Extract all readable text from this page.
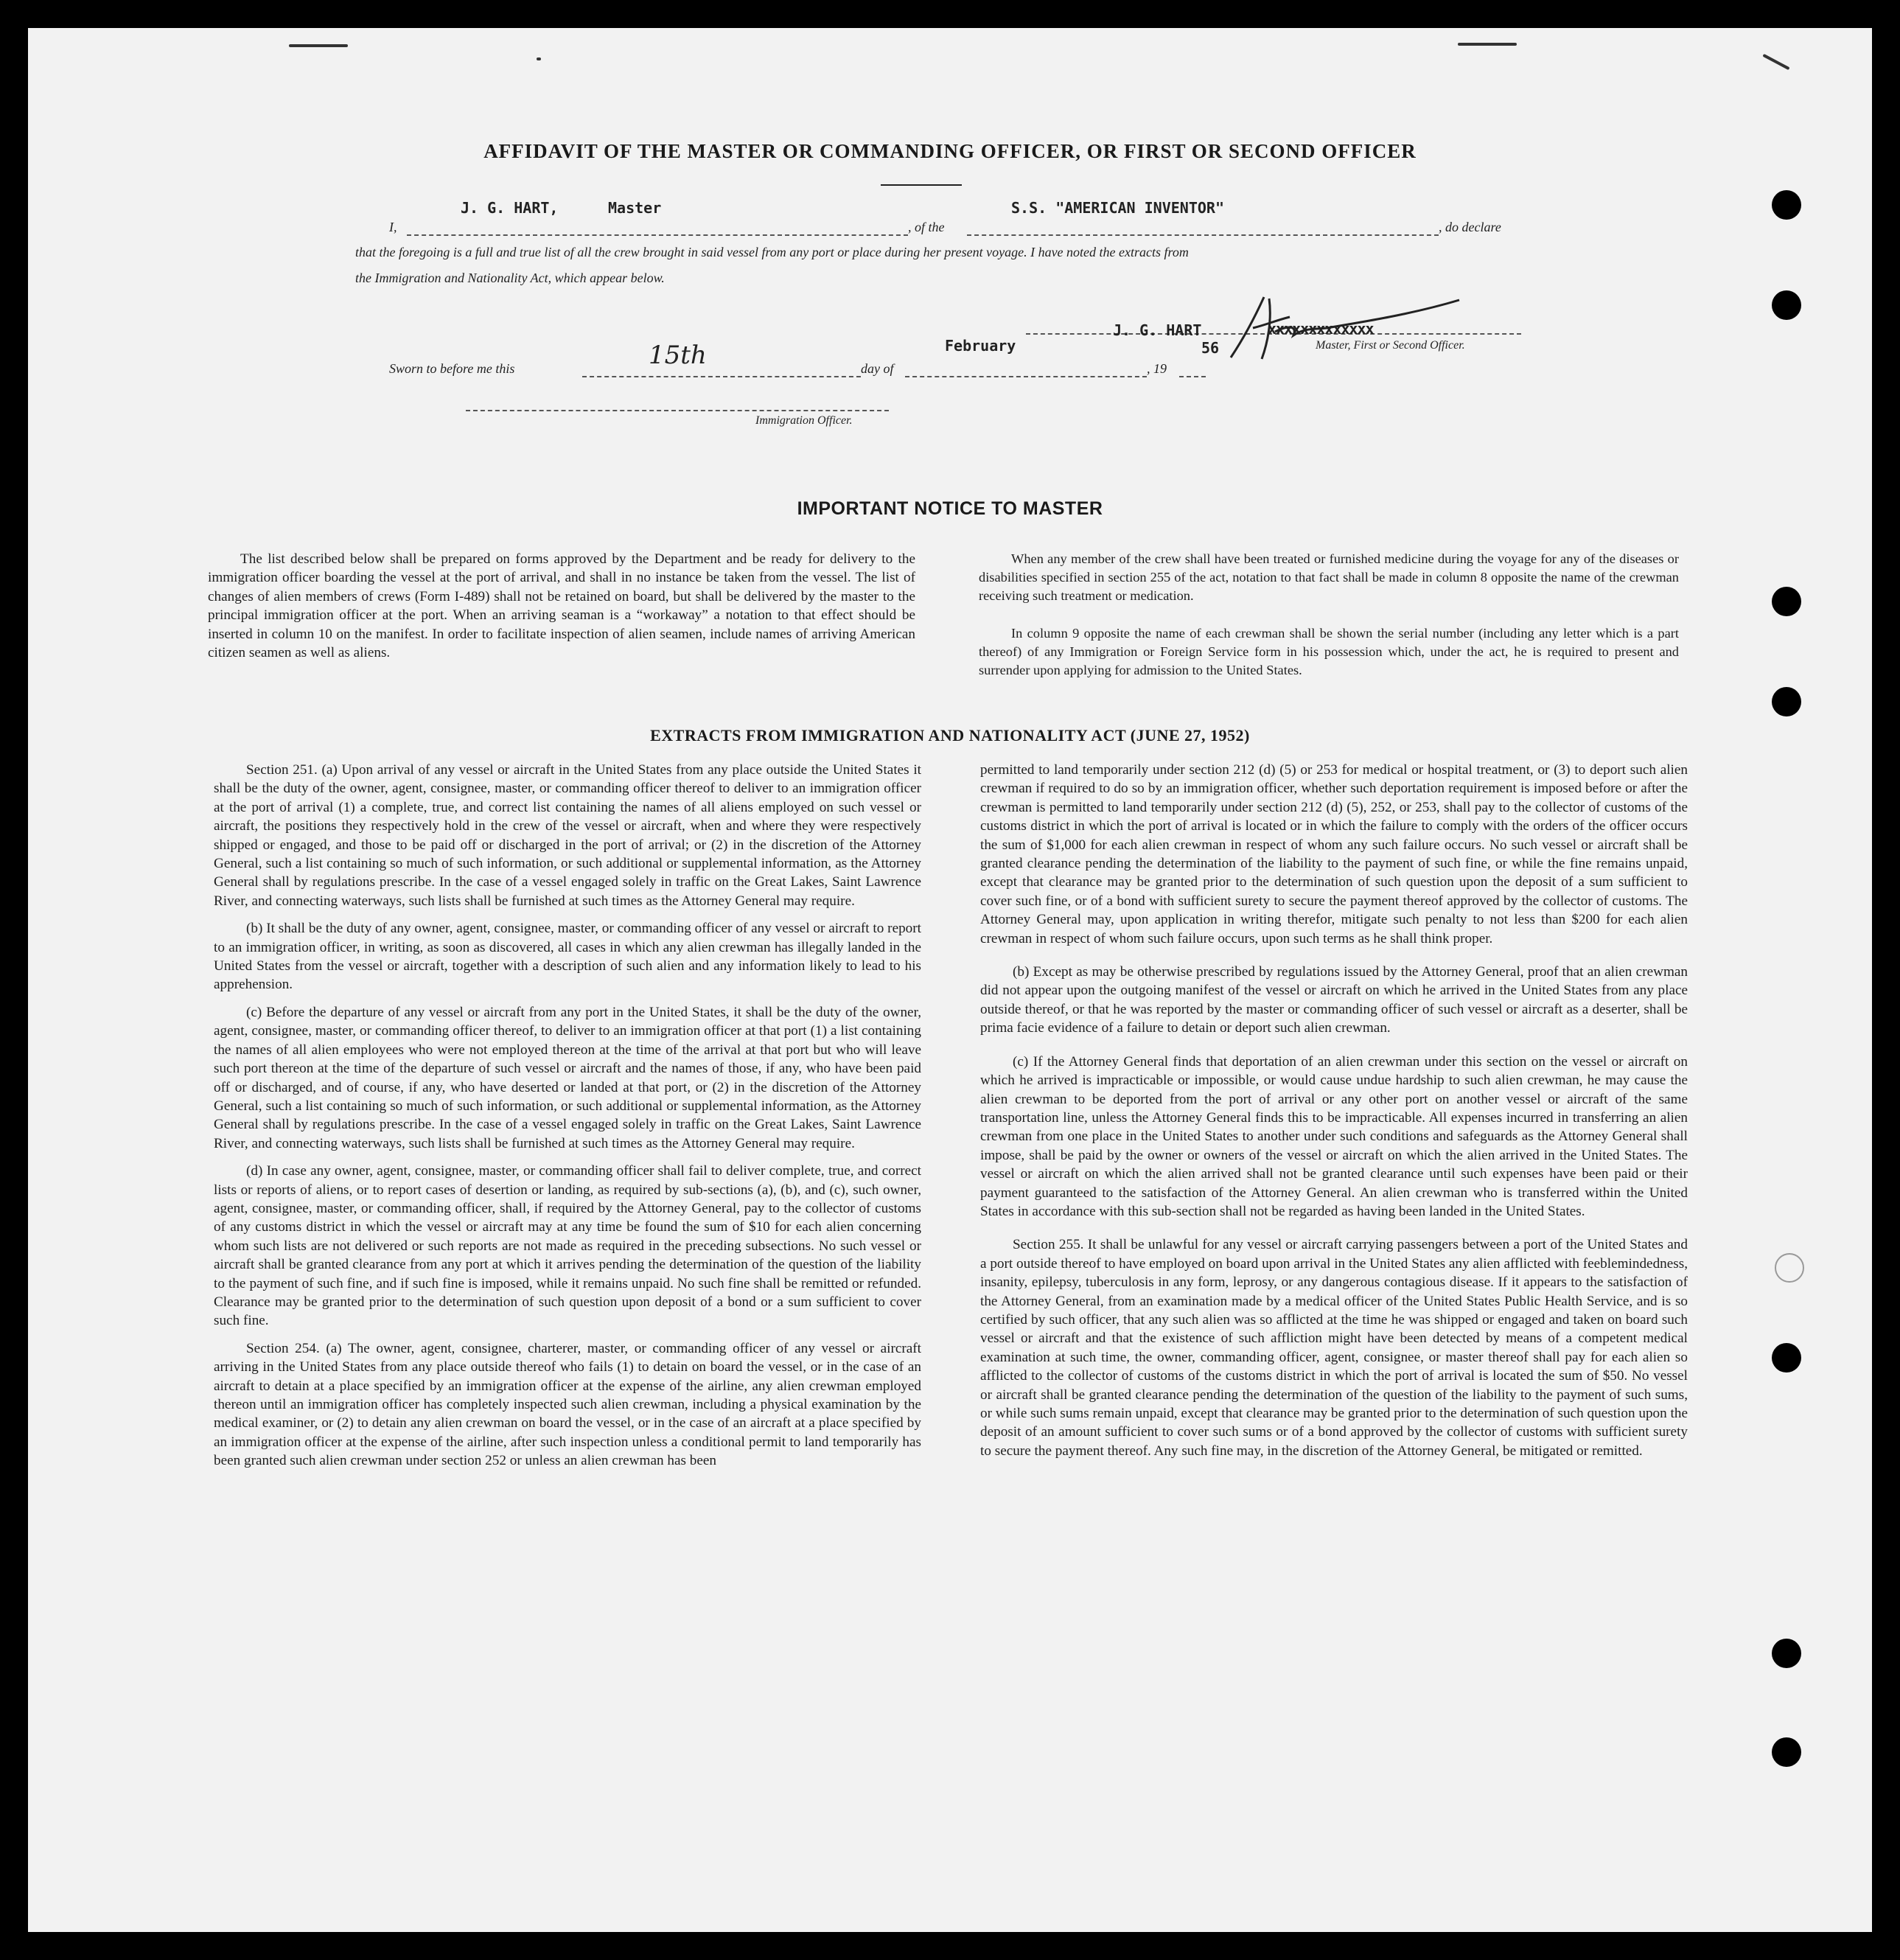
AFFIDAVIT OF THE MASTER OR COMMANDING OFFICER, OR FIRST OR SECOND OFFICER
J. G. HART,	Master	S.S. "AMERICAN INVENTOR"
I,	, of the	, do declare
that the foregoing is a full and true list of all the crew brought in said vessel from any port or place during her present voyage. I have noted the extracts from
the Immigration and Nationality Act, which appear below.
February
J. G. HART	xxxxxxxxxxxxx
Master, First or Second Officer.
Sworn to before me this	15th	day of	, 19
56
Immigration Officer.
IMPORTANT NOTICE TO MASTER
The list described below shall be prepared on forms approved by the Department and be ready for delivery to the immigration officer boarding the vessel at the port of arrival, and shall in no instance be taken from the vessel. The list of changes of alien members of crews (Form I-489) shall not be retained on board, but shall be delivered by the master to the principal immigration officer at the port. When an arriving seaman is a “workaway” a notation to that effect should be inserted in column 10 on the manifest. In order to facilitate inspection of alien seamen, include names of arriving American citizen seamen as well as aliens.
When any member of the crew shall have been treated or furnished medicine during the voyage for any of the diseases or disabilities specified in section 255 of the act, notation to that fact shall be made in column 8 opposite the name of the crewman receiving such treatment or medication.
In column 9 opposite the name of each crewman shall be shown the serial number (including any letter which is a part thereof) of any Immigration or Foreign Service form in his possession which, under the act, he is required to present and surrender upon applying for admission to the United States.
EXTRACTS FROM IMMIGRATION AND NATIONALITY ACT (JUNE 27, 1952)

Section 251. (a) Upon arrival of any vessel or aircraft in the United States from any place outside the United States it shall be the duty of the owner, agent, consignee, master, or commanding officer thereof to deliver to an immigration officer at the port of arrival (1) a complete, true, and correct list containing the names of all aliens employed on such vessel or aircraft, the positions they respectively hold in the crew of the vessel or aircraft, when and where they were respectively shipped or engaged, and those to be paid off or discharged in the port of arrival; or (2) in the discretion of the Attorney General, such a list containing so much of such information, or such additional or supplemental information, as the Attorney General shall by regulations prescribe. In the case of a vessel engaged solely in traffic on the Great Lakes, Saint Lawrence River, and connecting waterways, such lists shall be furnished at such times as the Attorney General may require.

(b) It shall be the duty of any owner, agent, consignee, master, or commanding officer of any vessel or aircraft to report to an immigration officer, in writing, as soon as discovered, all cases in which any alien crewman has illegally landed in the United States from the vessel or aircraft, together with a description of such alien and any information likely to lead to his apprehension.

(c) Before the departure of any vessel or aircraft from any port in the United States, it shall be the duty of the owner, agent, consignee, master, or commanding officer thereof, to deliver to an immigration officer at that port (1) a list containing the names of all alien employees who were not employed thereon at the time of the arrival at that port but who will leave such port thereon at the time of the departure of such vessel or aircraft and the names of those, if any, who have been paid off or discharged, and of course, if any, who have deserted or landed at that port, or (2) in the discretion of the Attorney General, such a list containing so much of such information, or such additional or supplemental information, as the Attorney General shall by regulations prescribe. In the case of a vessel engaged solely in traffic on the Great Lakes, Saint Lawrence River, and connecting waterways, such lists shall be furnished at such times as the Attorney General may require.

(d) In case any owner, agent, consignee, master, or commanding officer shall fail to deliver complete, true, and correct lists or reports of aliens, or to report cases of desertion or landing, as required by sub-sections (a), (b), and (c), such owner, agent, consignee, master, or commanding officer, shall, if required by the Attorney General, pay to the collector of customs of any customs district in which the vessel or aircraft may at any time be found the sum of $10 for each alien concerning whom such lists are not delivered or such reports are not made as required in the preceding subsections. No such vessel or aircraft shall be granted clearance from any port at which it arrives pending the determination of the question of the liability to the payment of such fine, and if such fine is imposed, while it remains unpaid. No such fine shall be remitted or refunded. Clearance may be granted prior to the determination of such question upon deposit of a bond or a sum sufficient to cover such fine.

Section 254. (a) The owner, agent, consignee, charterer, master, or commanding officer of any vessel or aircraft arriving in the United States from any place outside thereof who fails (1) to detain on board the vessel, or in the case of an aircraft to detain at a place specified by an immigration officer at the expense of the airline, any alien crewman employed thereon until an immigration officer has completely inspected such alien crewman, including a physical examination by the medical examiner, or (2) to detain any alien crewman on board the vessel, or in the case of an aircraft at a place specified by an immigration officer at the expense of the airline, after such inspection unless a conditional permit to land temporarily has been granted such alien crewman under section 252 or unless an alien crewman has been

permitted to land temporarily under section 212 (d) (5) or 253 for medical or hospital treatment, or (3) to deport such alien crewman if required to do so by an immigration officer, whether such deportation requirement is imposed before or after the crewman is permitted to land temporarily under section 212 (d) (5), 252, or 253, shall pay to the collector of customs of the customs district in which the port of arrival is located or in which the failure to comply with the orders of the officer occurs the sum of $1,000 for each alien crewman in respect of whom any such failure occurs. No such vessel or aircraft shall be granted clearance pending the determination of the liability to the payment of such fine, or while the fine remains unpaid, except that clearance may be granted prior to the determination of such question upon the deposit of a sum sufficient to cover such fine, or of a bond with sufficient surety to secure the payment thereof approved by the collector of customs. The Attorney General may, upon application in writing therefor, mitigate such penalty to not less than $200 for each alien crewman in respect of whom such failure occurs, upon such terms as he shall think proper.

(b) Except as may be otherwise prescribed by regulations issued by the Attorney General, proof that an alien crewman did not appear upon the outgoing manifest of the vessel or aircraft on which he arrived in the United States from any place outside thereof, or that he was reported by the master or commanding officer of such vessel or aircraft as a deserter, shall be prima facie evidence of a failure to detain or deport such alien crewman.

(c) If the Attorney General finds that deportation of an alien crewman under this section on the vessel or aircraft on which he arrived is impracticable or impossible, or would cause undue hardship to such alien crewman, he may cause the alien crewman to be deported from the port of arrival or any other port on another vessel or aircraft of the same transportation line, unless the Attorney General finds this to be impracticable. All expenses incurred in transferring an alien crewman from one place in the United States to another under such conditions and safeguards as the Attorney General shall impose, shall be paid by the owner or owners of the vessel or aircraft on which the alien arrived in the United States. The vessel or aircraft on which the alien arrived shall not be granted clearance until such expenses have been paid or their payment guaranteed to the satisfaction of the Attorney General. An alien crewman who is transferred within the United States in accordance with this sub-section shall not be regarded as having been landed in the United States.

Section 255. It shall be unlawful for any vessel or aircraft carrying passengers between a port of the United States and a port outside thereof to have employed on board upon arrival in the United States any alien afflicted with feeblemindedness, insanity, epilepsy, tuberculosis in any form, leprosy, or any dangerous contagious disease. If it appears to the satisfaction of the Attorney General, from an examination made by a medical officer of the United States Public Health Service, and is so certified by such officer, that any such alien was so afflicted at the time he was shipped or engaged and taken on board such vessel or aircraft and that the existence of such affliction might have been detected by means of a competent medical examination at such time, the owner, commanding officer, agent, consignee, or master thereof shall pay for each alien so afflicted to the collector of customs of the customs district in which the port of arrival is located the sum of $50. No vessel or aircraft shall be granted clearance pending the determination of the question of the liability to the payment of such sums, or while such sums remain unpaid, except that clearance may be granted prior to the determination of such question upon the deposit of an amount sufficient to cover such sums or of a bond approved by the collector of customs with sufficient surety to secure the payment thereof. Any such fine may, in the discretion of the Attorney General, be mitigated or remitted.
